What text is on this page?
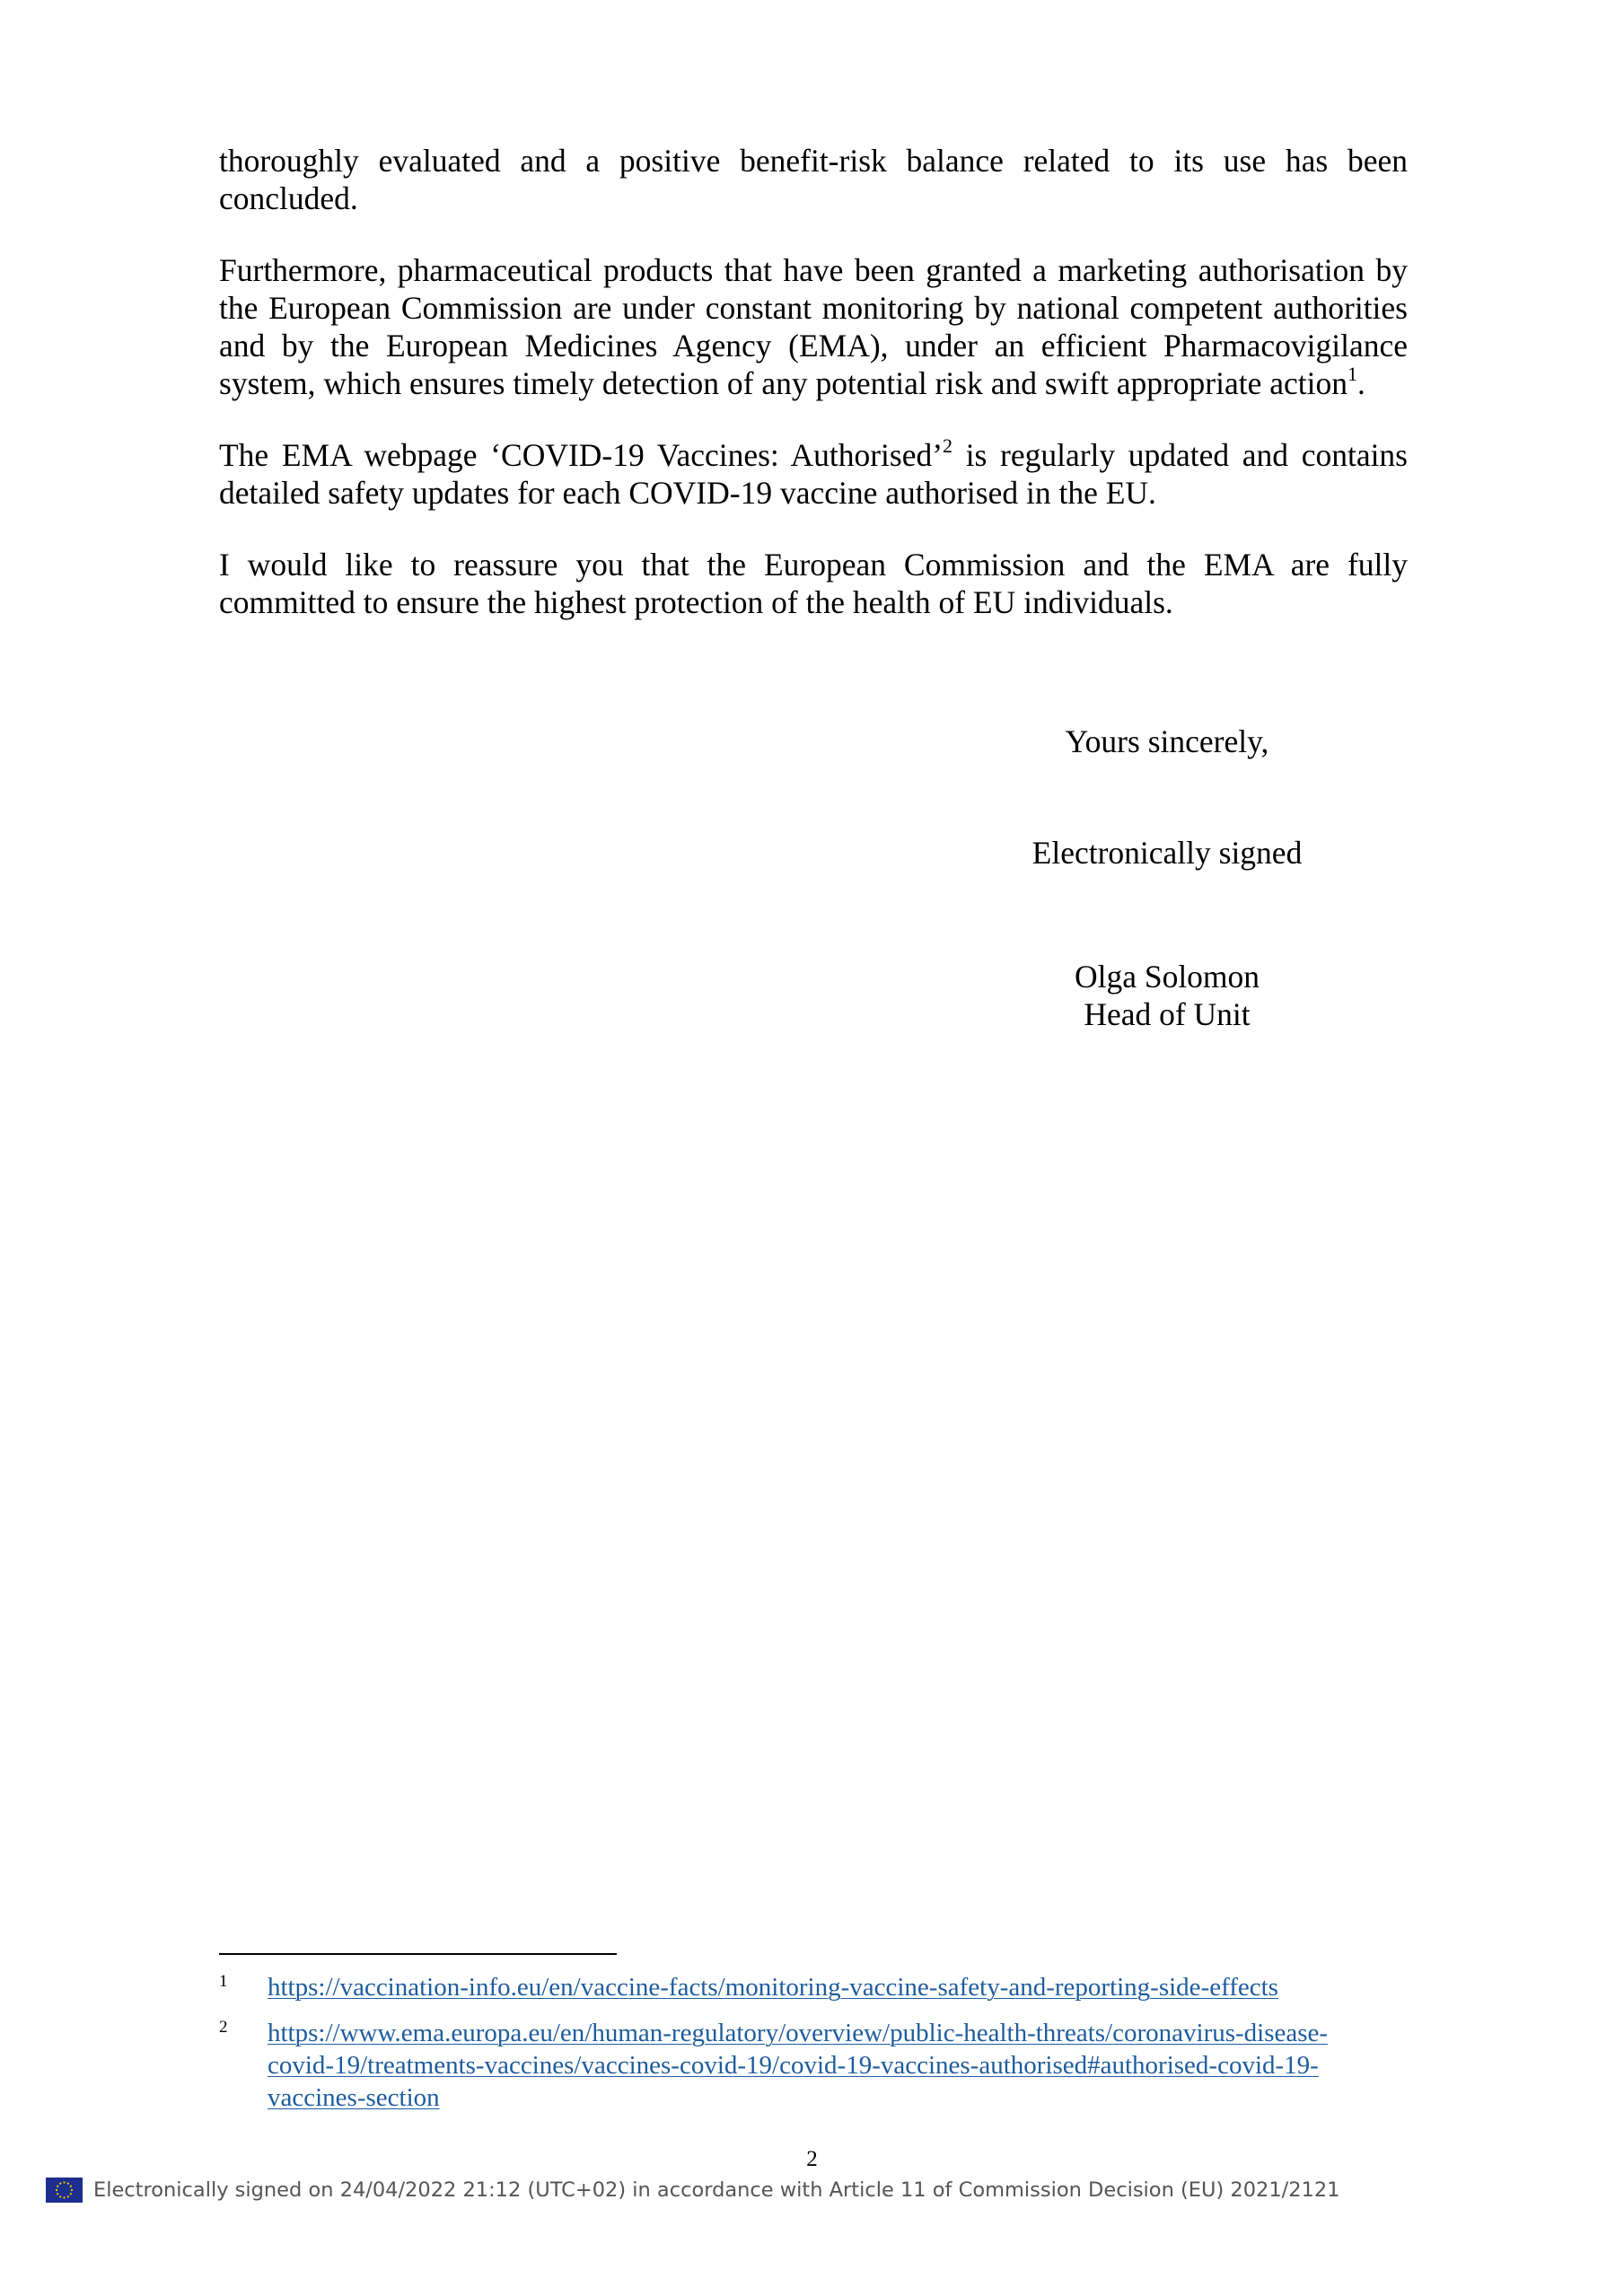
thoroughly evaluated and a positive benefit-risk balance related to its use has been concluded.

Furthermore, pharmaceutical products that have been granted a marketing authorisation by the European Commission are under constant monitoring by national competent authorities and by the European Medicines Agency (EMA), under an efficient Pharmacovigilance system, which ensures timely detection of any potential risk and swift appropriate action$^1$.

The EMA webpage ‘COVID-19 Vaccines: Authorised’$^2$ is regularly updated and contains detailed safety updates for each COVID-19 vaccine authorised in the EU.

I would like to reassure you that the European Commission and the EMA are fully committed to ensure the highest protection of the health of EU individuals.

Yours sincerely,
Electronically signed
Olga Solomon
Head of Unit
1 https://vaccination-info.eu/en/vaccine-facts/monitoring-vaccine-safety-and-reporting-side-effects
2 https://www.ema.europa.eu/en/human-regulatory/overview/public-health-threats/coronavirus-disease-
covid-19/treatments-vaccines/vaccines-covid-19/covid-19-vaccines-authorised#authorised-covid-19-
vaccines-section
2
Electronically signed on 24/04/2022 21:12 (UTC+02) in accordance with Article 11 of Commission Decision (EU) 2021/2121
